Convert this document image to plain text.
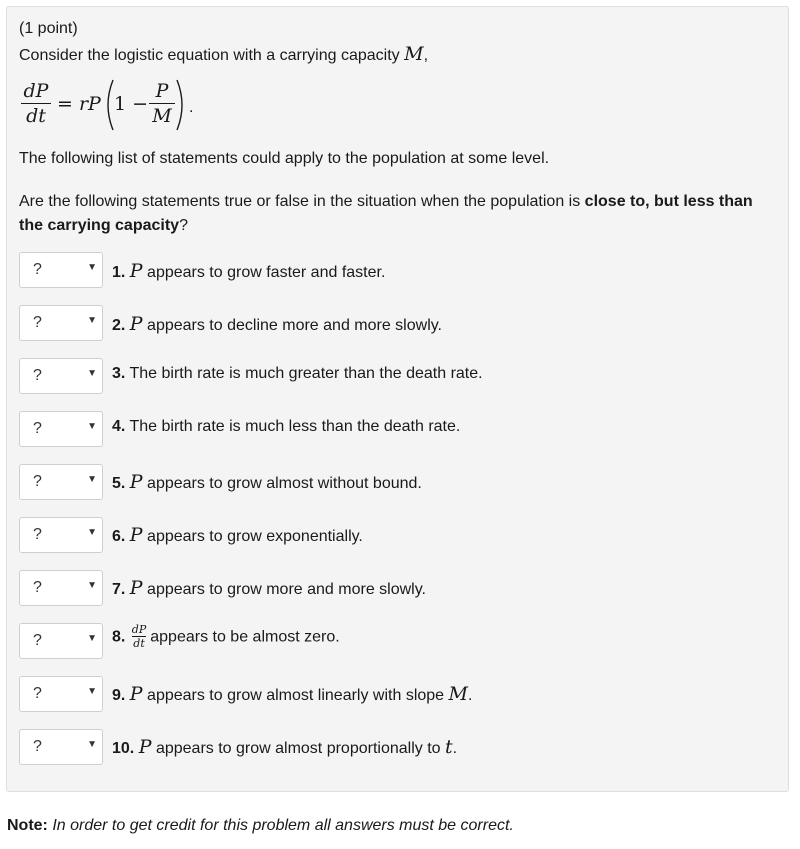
(1 point)
Consider the logistic equation with a carrying capacity M,
dP
dt
= rP 1 −
P
M .
The following list of statements could apply to the population at some level.
Are the following statements true or false in the situation when the population is close to, but less than
the carrying capacity?
?	▼ 1. P appears to grow faster and faster.
?	▼ 2. P appears to decline more and more slowly.
?	▼ 3. The birth rate is much greater than the death rate.
?	▼ 4. The birth rate is much less than the death rate.
?	▼ 5. P appears to grow almost without bound.
?	▼ 6. P appears to grow exponentially.
?	▼ 7. P appears to grow more and more slowly.
?	▼ 8. $\frac{dP}{dt}$ appears to be almost zero.
?	▼ 9. P appears to grow almost linearly with slope M.
?	▼ 10. P appears to grow almost proportionally to t.
Note: In order to get credit for this problem all answers must be correct.
